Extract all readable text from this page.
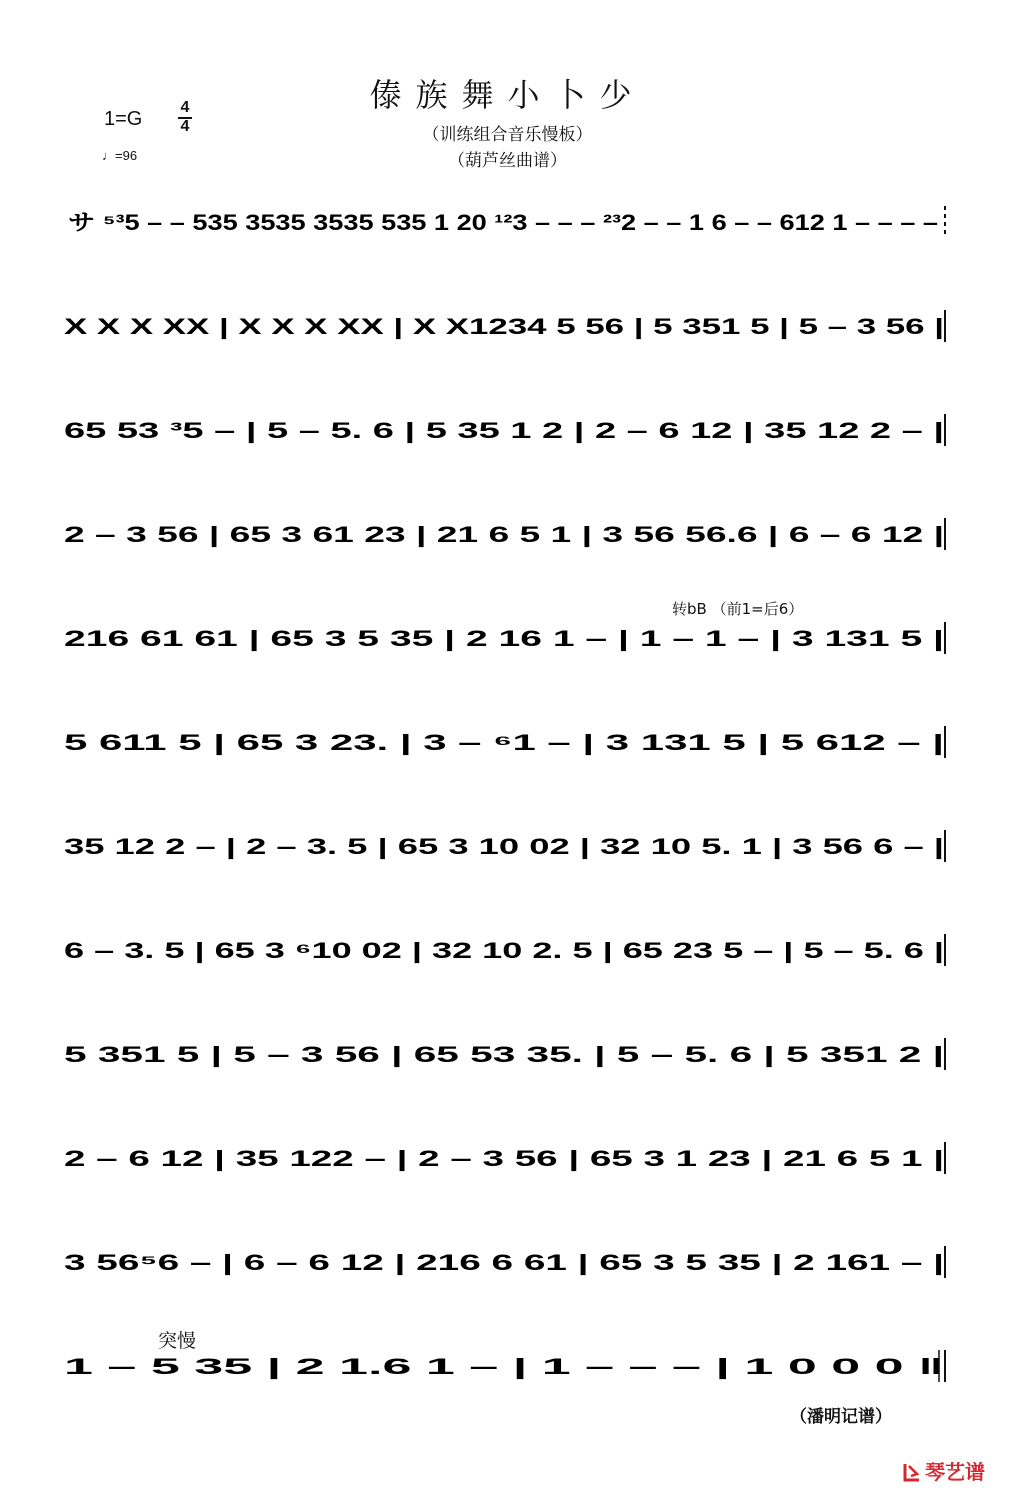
傣族舞小卜少
（训练组合音乐慢板）
（葫芦丝曲谱）
1=G
4
4
♩=96
サ ⁵³5 – – 535 3535 3535 535 1 20 ¹²3 – – – ²³2 – – 1 6 – – 612 1 – – – –
X X X XX | X X X XX | X X1234 5 56 | 5 351 5 | 5 – 3 56 |
65 53 ³5 – | 5 – 5. 6 | 5 35 1 2 | 2 – 6 12 | 35 12 2 – |
2 – 3 56 | 65 3 61 23 | 21 6 5 1 | 3 56 56.6 | 6 – 6 12 |
216 61 61 | 65 3 5 35 | 2 16 1 – | 1 – 1 – | 3 131 5 |
5 611 5 | 65 3 23. | 3 – ⁶1 – | 3 131 5 | 5 612 – |
35 12 2 – | 2 – 3. 5 | 65 3 10 02 | 32 10 5. 1 | 3 56 6 – |
6 – 3. 5 | 65 3 ⁶10 02 | 32 10 2. 5 | 65 23 5 – | 5 – 5. 6 |
5 351 5 | 5 – 3 56 | 65 53 35. | 5 – 5. 6 | 5 351 2 |
2 – 6 12 | 35 122 – | 2 – 3 56 | 65 3 1 23 | 21 6 5 1 |
3 56⁵6 – | 6 – 6 12 | 216 6 61 | 65 3 5 35 | 2 161 – |
1 – 5 35 | 2 1.6 1 – | 1 – – – | 1 0 0 0 ‖
转bB （前1=后6）
突慢
（潘明记谱）
琴艺谱
